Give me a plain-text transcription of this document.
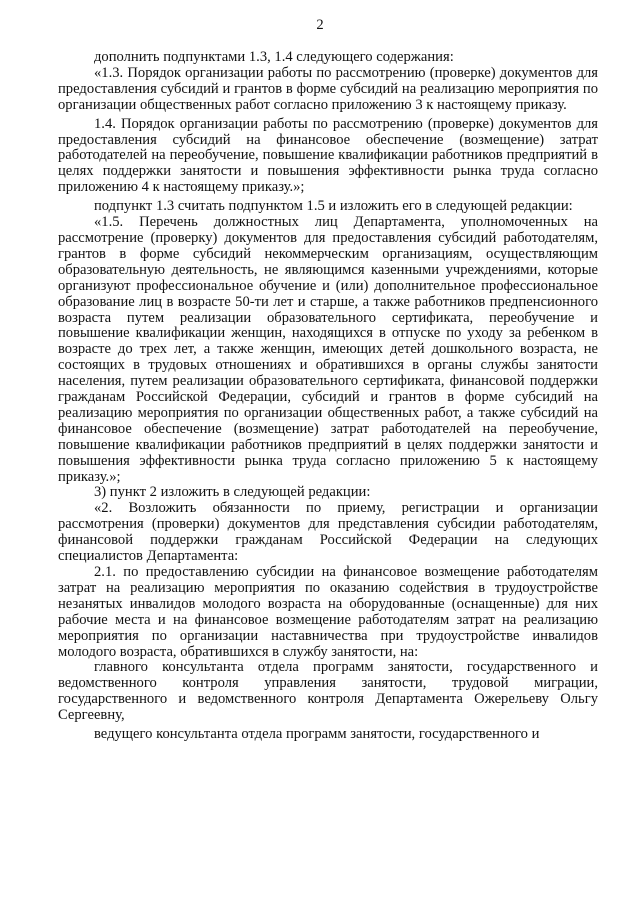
2

дополнить подпунктами 1.3, 1.4 следующего содержания:

«1.3. Порядок организации работы по рассмотрению (проверке) документов для предоставления субсидий и грантов в форме субсидий на реализацию мероприятия по организации общественных работ согласно приложению 3 к настоящему приказу.

1.4. Порядок организации работы по рассмотрению (проверке) документов для предоставления субсидий на финансовое обеспечение (возмещение) затрат работодателей на переобучение, повышение квалификации работников предприятий в целях поддержки занятости и повышения эффективности рынка труда согласно приложению 4 к настоящему приказу.»;

подпункт 1.3 считать подпунктом 1.5 и изложить его в следующей редакции:

«1.5. Перечень должностных лиц Департамента, уполномоченных на рассмотрение (проверку) документов для предоставления субсидий работодателям, грантов в форме субсидий некоммерческим организациям, осуществляющим образовательную деятельность, не являющимся казенными учреждениями, которые организуют профессиональное обучение и (или) дополнительное профессиональное образование лиц в возрасте 50-ти лет и старше, а также работников предпенсионного возраста путем реализации образовательного сертификата, переобучение и повышение квалификации женщин, находящихся в отпуске по уходу за ребенком в возрасте до трех лет, а также женщин, имеющих детей дошкольного возраста, не состоящих в трудовых отношениях и обратившихся в органы службы занятости населения, путем реализации образовательного сертификата, финансовой поддержки гражданам Российской Федерации, субсидий и грантов в форме субсидий на реализацию мероприятия по организации общественных работ, а также субсидий на финансовое обеспечение (возмещение) затрат работодателей на переобучение, повышение квалификации работников предприятий в целях поддержки занятости и повышения эффективности рынка труда согласно приложению 5 к настоящему приказу.»;

3) пункт 2 изложить в следующей редакции:

«2. Возложить обязанности по приему, регистрации и организации рассмотрения (проверки) документов для представления субсидии работодателям, финансовой поддержки гражданам Российской Федерации на следующих специалистов Департамента:

2.1. по предоставлению субсидии на финансовое возмещение работодателям затрат на реализацию мероприятия по оказанию содействия в трудоустройстве незанятых инвалидов молодого возраста на оборудованные (оснащенные) для них рабочие места и на финансовое возмещение работодателям затрат на реализацию мероприятия по организации наставничества при трудоустройстве инвалидов молодого возраста, обратившихся в службу занятости, на:

главного консультанта отдела программ занятости, государственного и ведомственного контроля управления занятости, трудовой миграции, государственного и ведомственного контроля Департамента Ожерельеву Ольгу Сергеевну,

ведущего консультанта отдела программ занятости, государственного и
